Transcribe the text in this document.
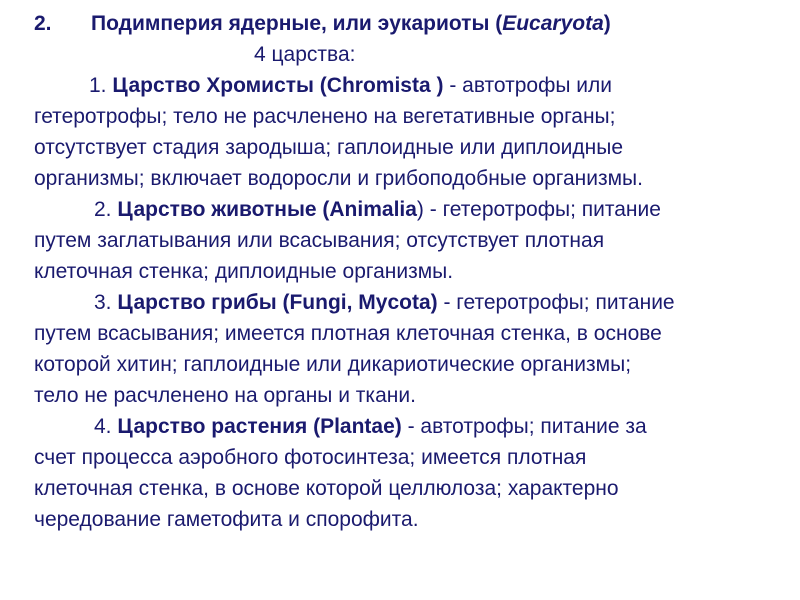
2. Подимперия ядерные, или эукариоты (Eucaryota)
4 царства:
1. Царство Хромисты (Chromista ) - автотрофы или
гетеротрофы; тело не расчленено на вегетативные органы;
отсутствует стадия зародыша; гаплоидные или диплоидные
организмы; включает водоросли и грибоподобные организмы.
2. Царство животные (Animalia) - гетеротрофы; питание
путем заглатывания или всасывания; отсутствует плотная
клеточная стенка; диплоидные организмы.
3. Царство грибы (Fungi, Mycota) - гетеротрофы; питание
путем всасывания; имеется плотная клеточная стенка, в основе
которой хитин; гаплоидные или дикариотические организмы;
тело не расчленено на органы и ткани.
4. Царство растения (Plantae) - автотрофы; питание за
счет процесса аэробного фотосинтеза; имеется плотная
клеточная стенка, в основе которой целлюлоза; характерно
чередование гаметофита и спорофита.
